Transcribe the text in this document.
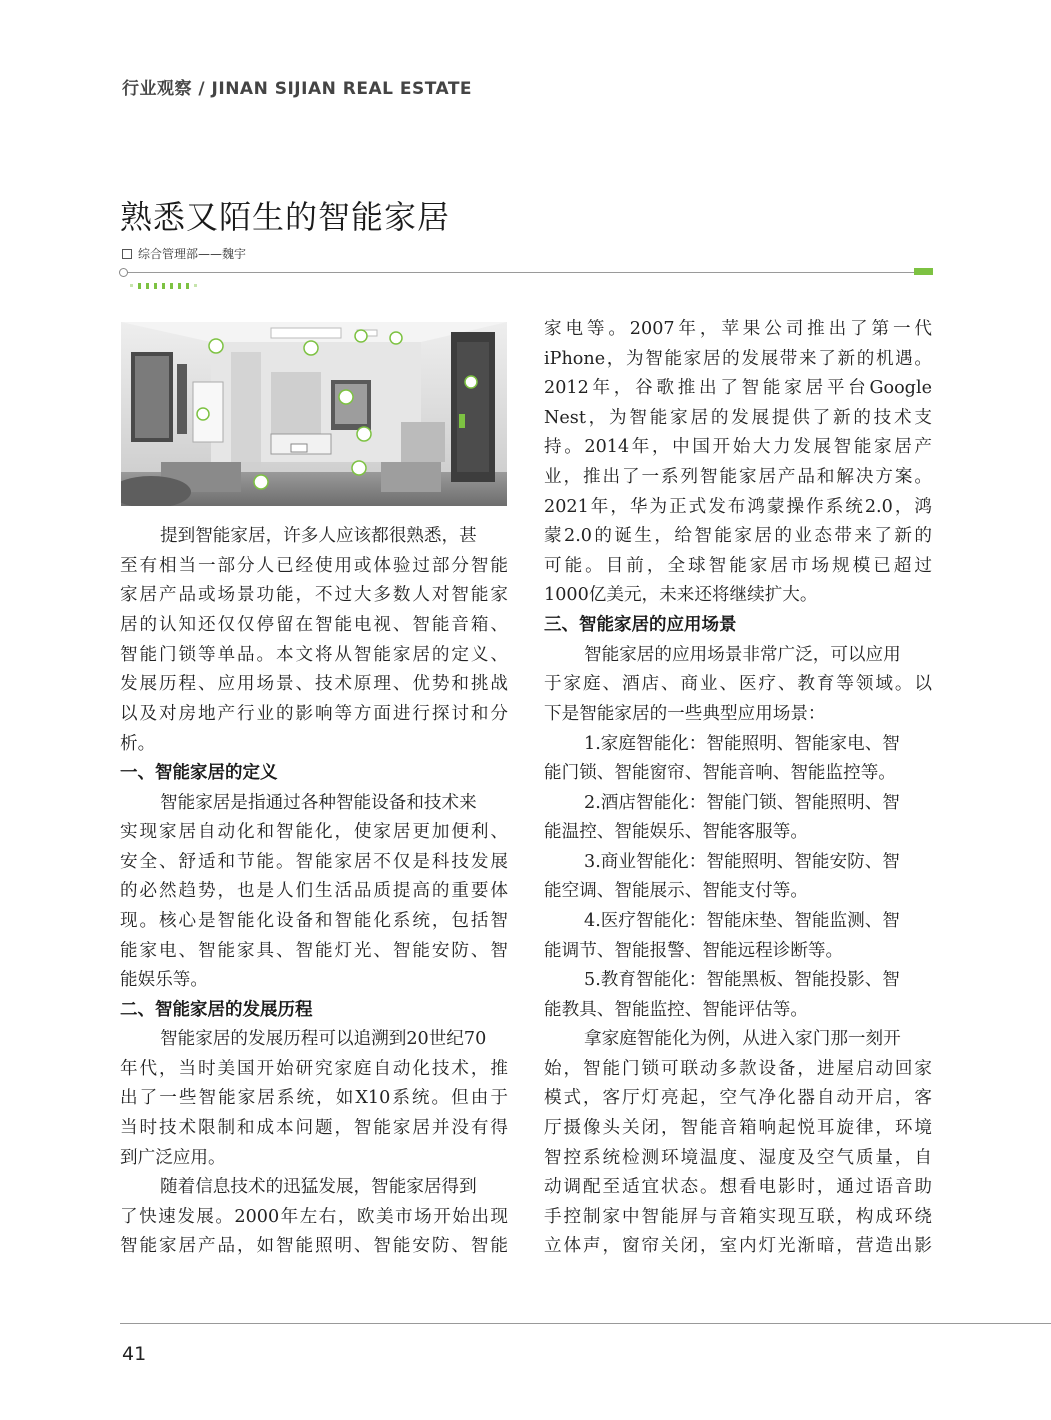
行业观察 / JINAN SIJIAN REAL ESTATE
熟悉又陌生的智能家居
综合管理部——魏宇
提到智能家居，许多人应该都很熟悉，甚
至有相当一部分人已经使用或体验过部分智能
家居产品或场景功能，不过大多数人对智能家
居的认知还仅仅停留在智能电视、智能音箱、
智能门锁等单品。本文将从智能家居的定义、
发展历程、应用场景、技术原理、优势和挑战
以及对房地产行业的影响等方面进行探讨和分
析。
一、智能家居的定义
智能家居是指通过各种智能设备和技术来
实现家居自动化和智能化，使家居更加便利、
安全、舒适和节能。智能家居不仅是科技发展
的必然趋势，也是人们生活品质提高的重要体
现。核心是智能化设备和智能化系统，包括智
能家电、智能家具、智能灯光、智能安防、智
能娱乐等。
二、智能家居的发展历程
智能家居的发展历程可以追溯到20世纪70
年代，当时美国开始研究家庭自动化技术，推
出了一些智能家居系统，如X10系统。但由于
当时技术限制和成本问题，智能家居并没有得
到广泛应用。
随着信息技术的迅猛发展，智能家居得到
了快速发展。2000年左右，欧美市场开始出现
智能家居产品，如智能照明、智能安防、智能
家电等。2007年，苹果公司推出了第一代
iPhone，为智能家居的发展带来了新的机遇。
2012年，谷歌推出了智能家居平台Google
Nest，为智能家居的发展提供了新的技术支
持。2014年，中国开始大力发展智能家居产
业，推出了一系列智能家居产品和解决方案。
2021年，华为正式发布鸿蒙操作系统2.0，鸿
蒙2.0的诞生，给智能家居的业态带来了新的
可能。目前，全球智能家居市场规模已超过
1000亿美元，未来还将继续扩大。
三、智能家居的应用场景
智能家居的应用场景非常广泛，可以应用
于家庭、酒店、商业、医疗、教育等领域。以
下是智能家居的一些典型应用场景：
1.家庭智能化：智能照明、智能家电、智
能门锁、智能窗帘、智能音响、智能监控等。
2.酒店智能化：智能门锁、智能照明、智
能温控、智能娱乐、智能客服等。
3.商业智能化：智能照明、智能安防、智
能空调、智能展示、智能支付等。
4.医疗智能化：智能床垫、智能监测、智
能调节、智能报警、智能远程诊断等。
5.教育智能化：智能黑板、智能投影、智
能教具、智能监控、智能评估等。
拿家庭智能化为例，从进入家门那一刻开
始，智能门锁可联动多款设备，进屋启动回家
模式，客厅灯亮起，空气净化器自动开启，客
厅摄像头关闭，智能音箱响起悦耳旋律，环境
智控系统检测环境温度、湿度及空气质量，自
动调配至适宜状态。想看电影时，通过语音助
手控制家中智能屏与音箱实现互联，构成环绕
立体声，窗帘关闭，室内灯光渐暗，营造出影
41
